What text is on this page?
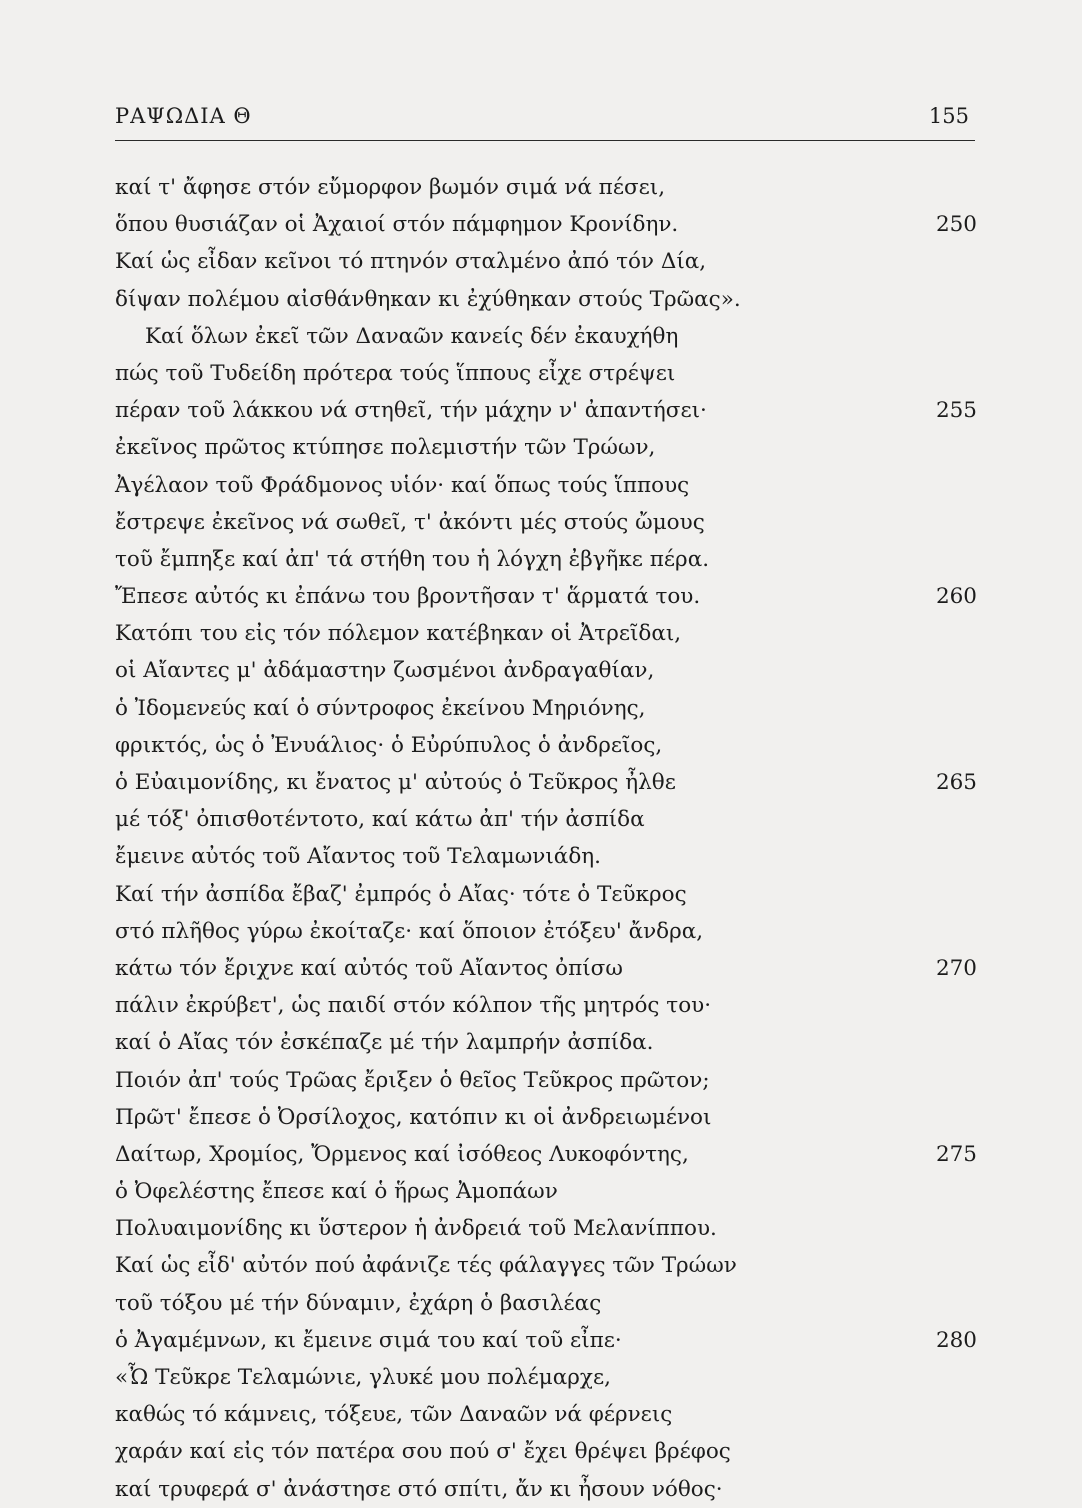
ΡΑΨΩΔΙΑ Θ	155
καί τ' ἄφησε στόν εὔμορφον βωμόν σιμά νά πέσει,
ὅπου θυσιάζαν οἱ Ἀχαιοί στόν πάμφημον Κρονίδην.	250
Καί ὡς εἶδαν κεῖνοι τό πτηνόν σταλμένο ἀπό τόν Δία,
δίψαν πολέμου αἰσθάνθηκαν κι ἐχύθηκαν στούς Τρῶας».
Καί ὅλων ἐκεῖ τῶν Δαναῶν κανείς δέν ἐκαυχήθη
πώς τοῦ Τυδείδη πρότερα τούς ἵππους εἶχε στρέψει
πέραν τοῦ λάκκου νά στηθεῖ, τήν μάχην ν' ἀπαντήσει·	255
ἐκεῖνος πρῶτος κτύπησε πολεμιστήν τῶν Τρώων,
Ἀγέλαον τοῦ Φράδμονος υἱόν· καί ὅπως τούς ἵππους
ἔστρεψε ἐκεῖνος νά σωθεῖ, τ' ἀκόντι μές στούς ὤμους
τοῦ ἔμπηξε καί ἀπ' τά στήθη του ἡ λόγχη ἐβγῆκε πέρα.
Ἔπεσε αὐτός κι ἐπάνω του βροντῆσαν τ' ἅρματά του.	260
Κατόπι του εἰς τόν πόλεμον κατέβηκαν οἱ Ἀτρεῖδαι,
οἱ Αἴαντες μ' ἀδάμαστην ζωσμένοι ἀνδραγαθίαν,
ὁ Ἰδομενεύς καί ὁ σύντροφος ἐκείνου Μηριόνης,
φρικτός, ὡς ὁ Ἐνυάλιος· ὁ Εὐρύπυλος ὁ ἀνδρεῖος,
ὁ Εὐαιμονίδης, κι ἔνατος μ' αὐτούς ὁ Τεῦκρος ἦλθε	265
μέ τόξ' ὀπισθοτέντοτο, καί κάτω ἀπ' τήν ἀσπίδα
ἔμεινε αὐτός τοῦ Αἴαντος τοῦ Τελαμωνιάδη.
Καί τήν ἀσπίδα ἔβαζ' ἐμπρός ὁ Αἴας· τότε ὁ Τεῦκρος
στό πλῆθος γύρω ἐκοίταζε· καί ὅποιον ἐτόξευ' ἄνδρα,
κάτω τόν ἔριχνε καί αὐτός τοῦ Αἴαντος ὀπίσω	270
πάλιν ἐκρύβετ', ὡς παιδί στόν κόλπον τῆς μητρός του·
καί ὁ Αἴας τόν ἐσκέπαζε μέ τήν λαμπρήν ἀσπίδα.
Ποιόν ἀπ' τούς Τρῶας ἔριξεν ὁ θεῖος Τεῦκρος πρῶτον;
Πρῶτ' ἔπεσε ὁ Ὀρσίλοχος, κατόπιν κι οἱ ἀνδρειωμένοι
Δαίτωρ, Χρομίος, Ὄρμενος καί ἰσόθεος Λυκοφόντης,	275
ὁ Ὀφελέστης ἔπεσε καί ὁ ἥρως Ἀμοπάων
Πολυαιμονίδης κι ὕστερον ἡ ἀνδρειά τοῦ Μελανίππου.
Καί ὡς εἶδ' αὐτόν πού ἀφάνιζε τές φάλαγγες τῶν Τρώων
τοῦ τόξου μέ τήν δύναμιν, ἐχάρη ὁ βασιλέας
ὁ Ἀγαμέμνων, κι ἔμεινε σιμά του καί τοῦ εἶπε·	280
«Ὦ Τεῦκρε Τελαμώνιε, γλυκέ μου πολέμαρχε,
καθώς τό κάμνεις, τόξευε, τῶν Δαναῶν νά φέρνεις
χαράν καί εἰς τόν πατέρα σου πού σ' ἔχει θρέψει βρέφος
καί τρυφερά σ' ἀνάστησε στό σπίτι, ἄν κι ἦσουν νόθος·
